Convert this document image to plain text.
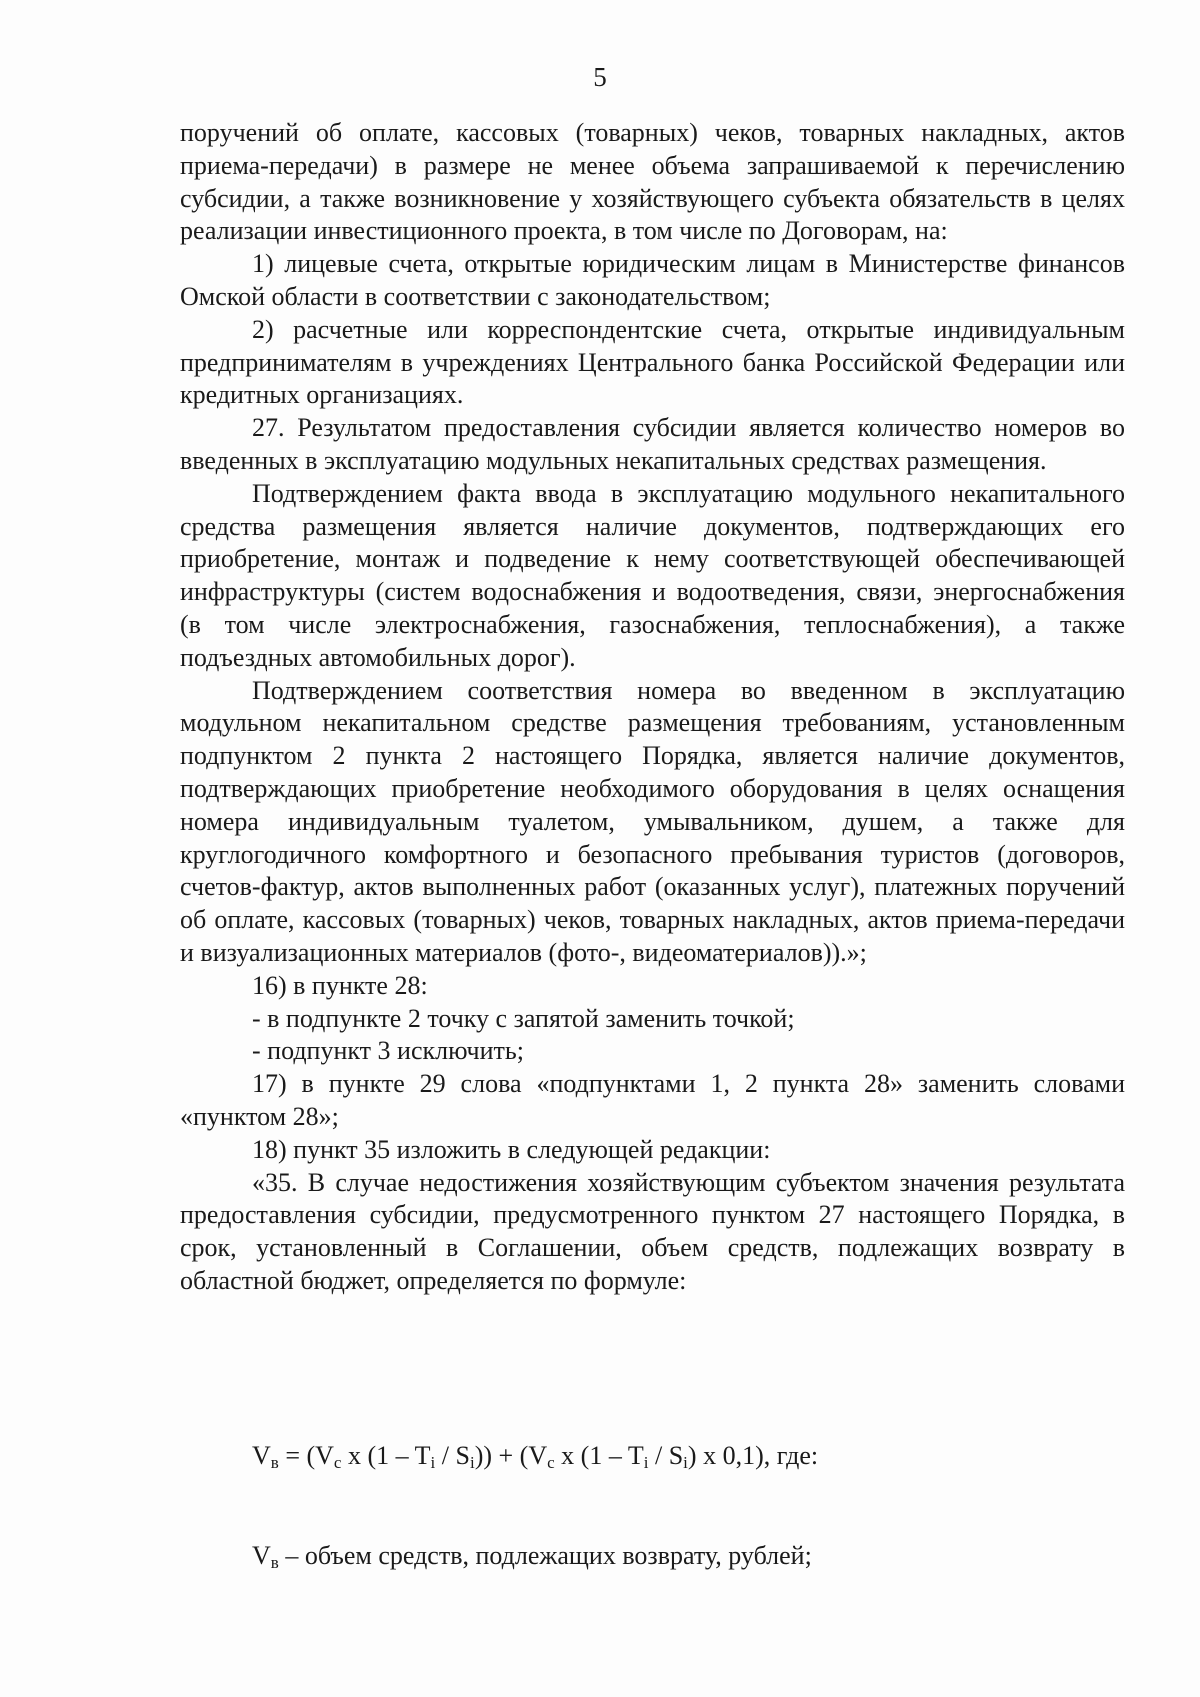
5

поручений об оплате, кассовых (товарных) чеков, товарных накладных, актов приема-передачи) в размере не менее объема запрашиваемой к перечислению субсидии, а также возникновение у хозяйствующего субъекта обязательств в целях реализации инвестиционного проекта, в том числе по Договорам, на:

1) лицевые счета, открытые юридическим лицам в Министерстве финансов Омской области в соответствии с законодательством;

2) расчетные или корреспондентские счета, открытые индивидуальным предпринимателям в учреждениях Центрального банка Российской Федерации или кредитных организациях.

27. Результатом предоставления субсидии является количество номеров во введенных в эксплуатацию модульных некапитальных средствах размещения.

Подтверждением факта ввода в эксплуатацию модульного некапитального средства размещения является наличие документов, подтверждающих его приобретение, монтаж и подведение к нему соответствующей обеспечивающей инфраструктуры (систем водоснабжения и водоотведения, связи, энергоснабжения (в том числе электроснабжения, газоснабжения, теплоснабжения), а также подъездных автомобильных дорог).

Подтверждением соответствия номера во введенном в эксплуатацию модульном некапитальном средстве размещения требованиям, установленным подпунктом 2 пункта 2 настоящего Порядка, является наличие документов, подтверждающих приобретение необходимого оборудования в целях оснащения номера индивидуальным туалетом, умывальником, душем, а также для круглогодичного комфортного и безопасного пребывания туристов (договоров, счетов-фактур, актов выполненных работ (оказанных услуг), платежных поручений об оплате, кассовых (товарных) чеков, товарных накладных, актов приема-передачи и визуализационных материалов (фото-, видеоматериалов)).»;

16) в пункте 28:

- в подпункте 2 точку с запятой заменить точкой;

- подпункт 3 исключить;

17) в пункте 29 слова «подпунктами 1, 2 пункта 28» заменить словами «пунктом 28»;

18) пункт 35 изложить в следующей редакции:

«35. В случае недостижения хозяйствующим субъектом значения результата предоставления субсидии, предусмотренного пунктом 27 настоящего Порядка, в срок, установленный в Соглашении, объем средств, подлежащих возврату в областной бюджет, определяется по формуле:

$V_в = (V_c$ x $(1 - T_i / S_i)) + (V_c$ x $(1 - T_i / S_i)$ x 0,1), где:
$V_в$ – объем средств, подлежащих возврату, рублей;
